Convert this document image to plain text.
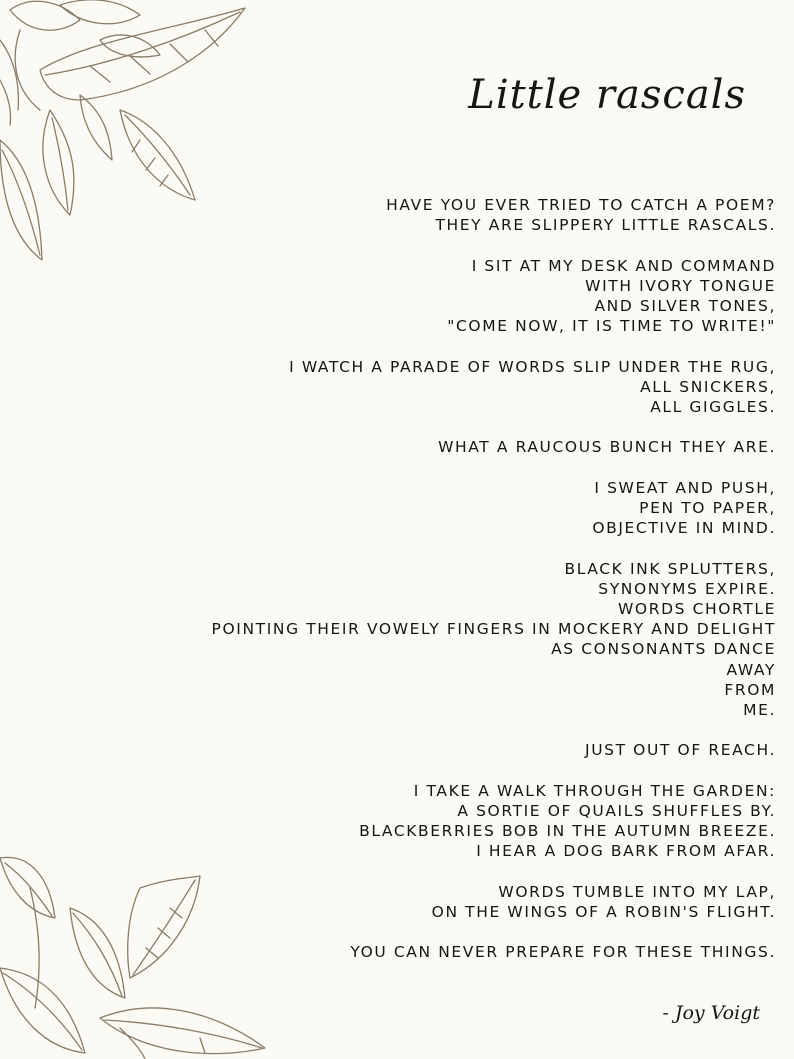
Little rascals
HAVE YOU EVER TRIED TO CATCH A POEM?
THEY ARE SLIPPERY LITTLE RASCALS.
I SIT AT MY DESK AND COMMAND
WITH IVORY TONGUE
AND SILVER TONES,
"COME NOW, IT IS TIME TO WRITE!"
I WATCH A PARADE OF WORDS SLIP UNDER THE RUG,
ALL SNICKERS,
ALL GIGGLES.
WHAT A RAUCOUS BUNCH THEY ARE.
I SWEAT AND PUSH,
PEN TO PAPER,
OBJECTIVE IN MIND.
BLACK INK SPLUTTERS,
SYNONYMS EXPIRE.
WORDS CHORTLE
POINTING THEIR VOWELY FINGERS IN MOCKERY AND DELIGHT
AS CONSONANTS DANCE
AWAY
FROM
ME.
JUST OUT OF REACH.
I TAKE A WALK THROUGH THE GARDEN:
A SORTIE OF QUAILS SHUFFLES BY.
BLACKBERRIES BOB IN THE AUTUMN BREEZE.
I HEAR A DOG BARK FROM AFAR.
WORDS TUMBLE INTO MY LAP,
ON THE WINGS OF A ROBIN'S FLIGHT.
YOU CAN NEVER PREPARE FOR THESE THINGS.
- Joy Voigt
